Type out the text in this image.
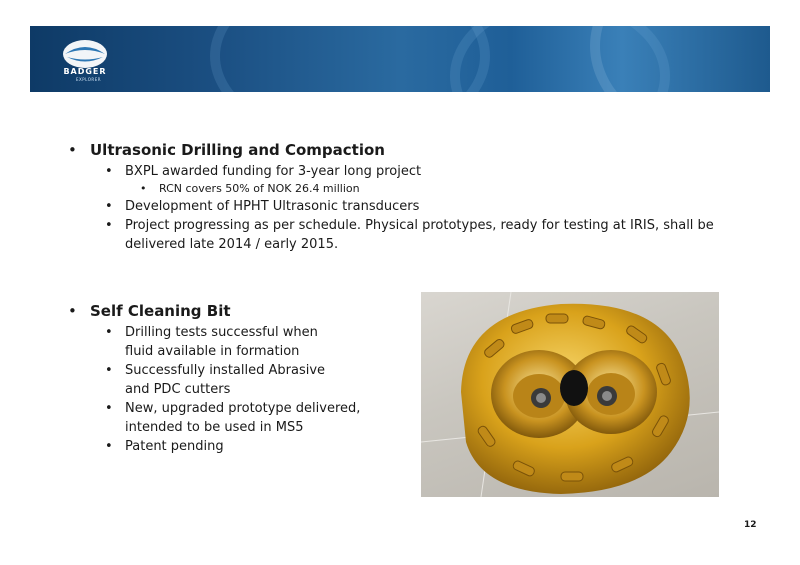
BADGER
EXPLORER
• Ultrasonic Drilling and Compaction
• BXPL awarded funding for 3-year long project
• RCN covers 50% of NOK 26.4 million
• Development of HPHT Ultrasonic transducers
• Project progressing as per schedule. Physical prototypes, ready for testing at IRIS, shall be delivered late 2014 / early 2015.
• Self Cleaning Bit
• Drilling tests successful when fluid available in formation
• Successfully installed Abrasive and PDC cutters
• New, upgraded prototype delivered, intended to be used in MS5
• Patent pending
12
